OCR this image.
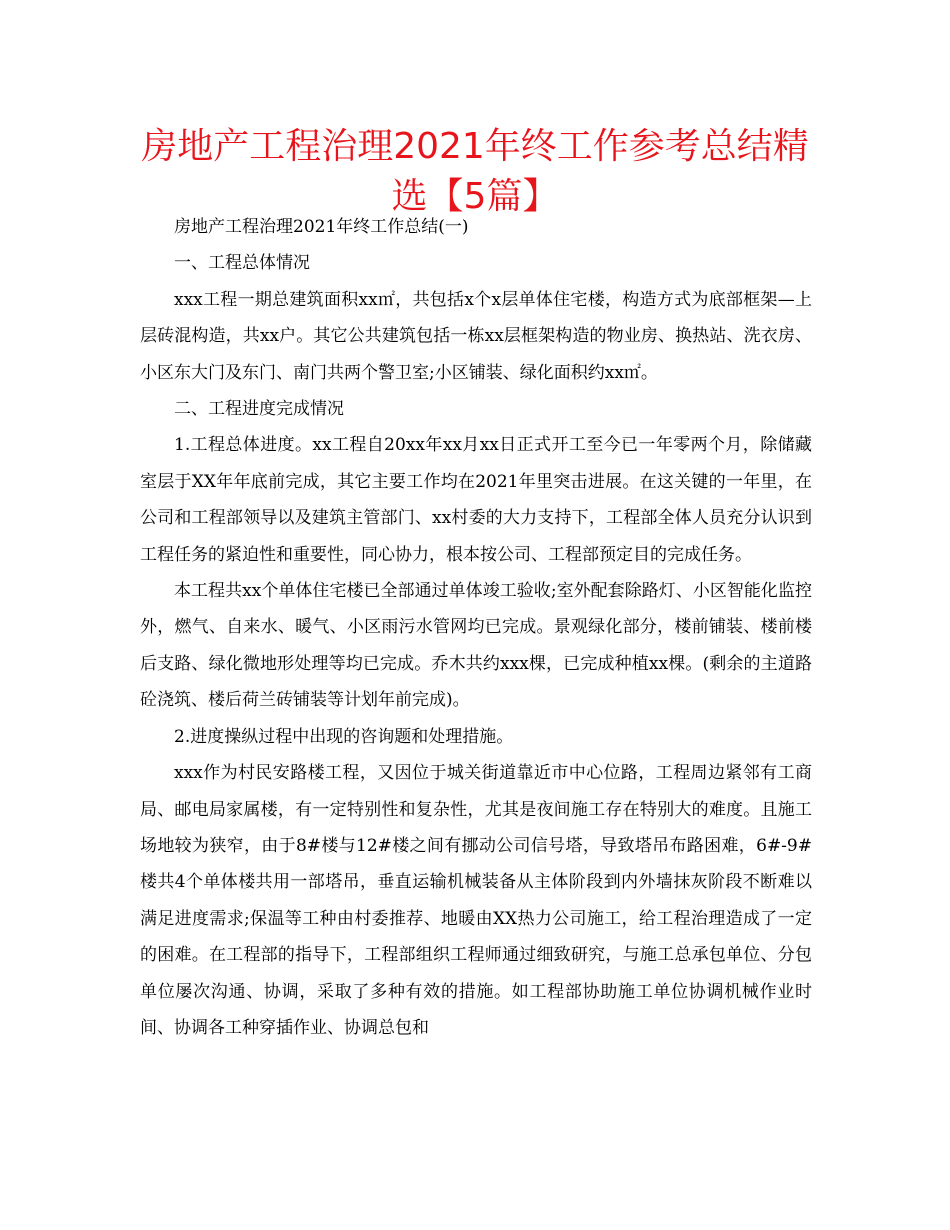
房地产工程治理2021年终工作参考总结精选【5篇】

房地产工程治理2021年终工作总结(一)

一、工程总体情况

xxx工程一期总建筑面积xx㎡，共包括x个x层单体住宅楼，构造方式为底部框架—上层砖混构造，共xx户。其它公共建筑包括一栋xx层框架构造的物业房、换热站、洗衣房、小区东大门及东门、南门共两个警卫室;小区铺装、绿化面积约xx㎡。

二、工程进度完成情况

1.工程总体进度。xx工程自20xx年xx月xx日正式开工至今已一年零两个月，除储藏室层于XX年年底前完成，其它主要工作均在2021年里突击进展。在这关键的一年里，在公司和工程部领导以及建筑主管部门、xx村委的大力支持下，工程部全体人员充分认识到工程任务的紧迫性和重要性，同心协力，根本按公司、工程部预定目的完成任务。

本工程共xx个单体住宅楼已全部通过单体竣工验收;室外配套除路灯、小区智能化监控外，燃气、自来水、暖气、小区雨污水管网均已完成。景观绿化部分，楼前铺装、楼前楼后支路、绿化微地形处理等均已完成。乔木共约xxx棵，已完成种植xx棵。(剩余的主道路砼浇筑、楼后荷兰砖铺装等计划年前完成)。

2.进度操纵过程中出现的咨询题和处理措施。

xxx作为村民安路楼工程，又因位于城关街道靠近市中心位路，工程周边紧邻有工商局、邮电局家属楼，有一定特别性和复杂性，尤其是夜间施工存在特别大的难度。且施工场地较为狭窄，由于8#楼与12#楼之间有挪动公司信号塔，导致塔吊布路困难，6#-9#楼共4个单体楼共用一部塔吊，垂直运输机械装备从主体阶段到内外墙抹灰阶段不断难以满足进度需求;保温等工种由村委推荐、地暖由XX热力公司施工，给工程治理造成了一定的困难。在工程部的指导下，工程部组织工程师通过细致研究，与施工总承包单位、分包单位屡次沟通、协调，采取了多种有效的措施。如工程部协助施工单位协调机械作业时间、协调各工种穿插作业、协调总包和
